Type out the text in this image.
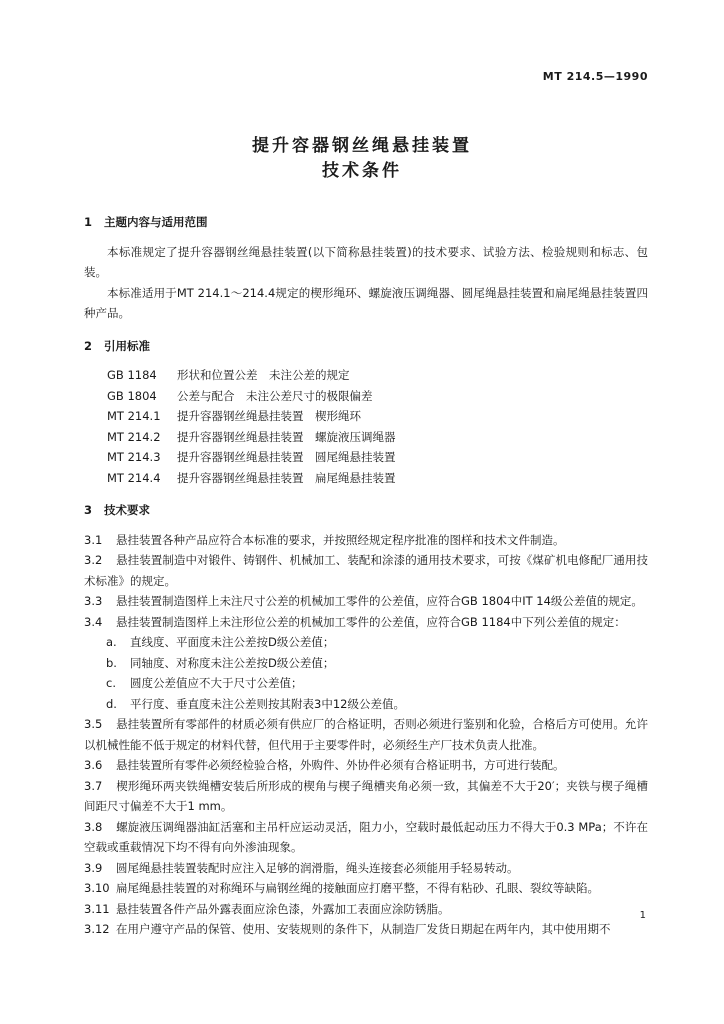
MT 214.5—1990
提升容器钢丝绳悬挂装置
技术条件
1 主题内容与适用范围

本标准规定了提升容器钢丝绳悬挂装置(以下简称悬挂装置)的技术要求、试验方法、检验规则和标志、包装。

本标准适用于MT 214.1～214.4规定的楔形绳环、螺旋液压调绳器、圆尾绳悬挂装置和扁尾绳悬挂装置四种产品。

2 引用标准
GB 1184 形状和位置公差　未注公差的规定
GB 1804 公差与配合　未注公差尺寸的极限偏差
MT 214.1 提升容器钢丝绳悬挂装置　楔形绳环
MT 214.2 提升容器钢丝绳悬挂装置　螺旋液压调绳器
MT 214.3 提升容器钢丝绳悬挂装置　圆尾绳悬挂装置
MT 214.4 提升容器钢丝绳悬挂装置　扁尾绳悬挂装置
3 技术要求

3.1 悬挂装置各种产品应符合本标准的要求，并按照经规定程序批准的图样和技术文件制造。

3.2 悬挂装置制造中对锻件、铸钢件、机械加工、装配和涂漆的通用技术要求，可按《煤矿机电修配厂通用技术标准》的规定。

3.3 悬挂装置制造图样上未注尺寸公差的机械加工零件的公差值，应符合GB 1804中IT 14级公差值的规定。

3.4 悬挂装置制造图样上未注形位公差的机械加工零件的公差值，应符合GB 1184中下列公差值的规定：

a. 直线度、平面度未注公差按D级公差值；
b. 同轴度、对称度未注公差按D级公差值；
c. 圆度公差值应不大于尺寸公差值；
d. 平行度、垂直度未注公差则按其附表3中12级公差值。

3.5 悬挂装置所有零部件的材质必须有供应厂的合格证明，否则必须进行鉴别和化验，合格后方可使用。允许以机械性能不低于规定的材料代替，但代用于主要零件时，必须经生产厂技术负责人批准。

3.6 悬挂装置所有零件必须经检验合格，外购件、外协件必须有合格证明书，方可进行装配。

3.7 楔形绳环两夹铁绳槽安装后所形成的楔角与楔子绳槽夹角必须一致，其偏差不大于20′；夹铁与楔子绳槽间距尺寸偏差不大于1 mm。

3.8 螺旋液压调绳器油缸活塞和主吊杆应运动灵活，阻力小，空载时最低起动压力不得大于0.3 MPa；不许在空载或重载情况下均不得有向外渗油现象。

3.9 圆尾绳悬挂装置装配时应注入足够的润滑脂，绳头连接套必须能用手轻易转动。

3.10 扁尾绳悬挂装置的对称绳环与扁钢丝绳的接触面应打磨平整，不得有粘砂、孔眼、裂纹等缺陷。

3.11 悬挂装置各件产品外露表面应涂色漆，外露加工表面应涂防锈脂。

3.12 在用户遵守产品的保管、使用、安装规则的条件下，从制造厂发货日期起在两年内，其中使用期不

1
